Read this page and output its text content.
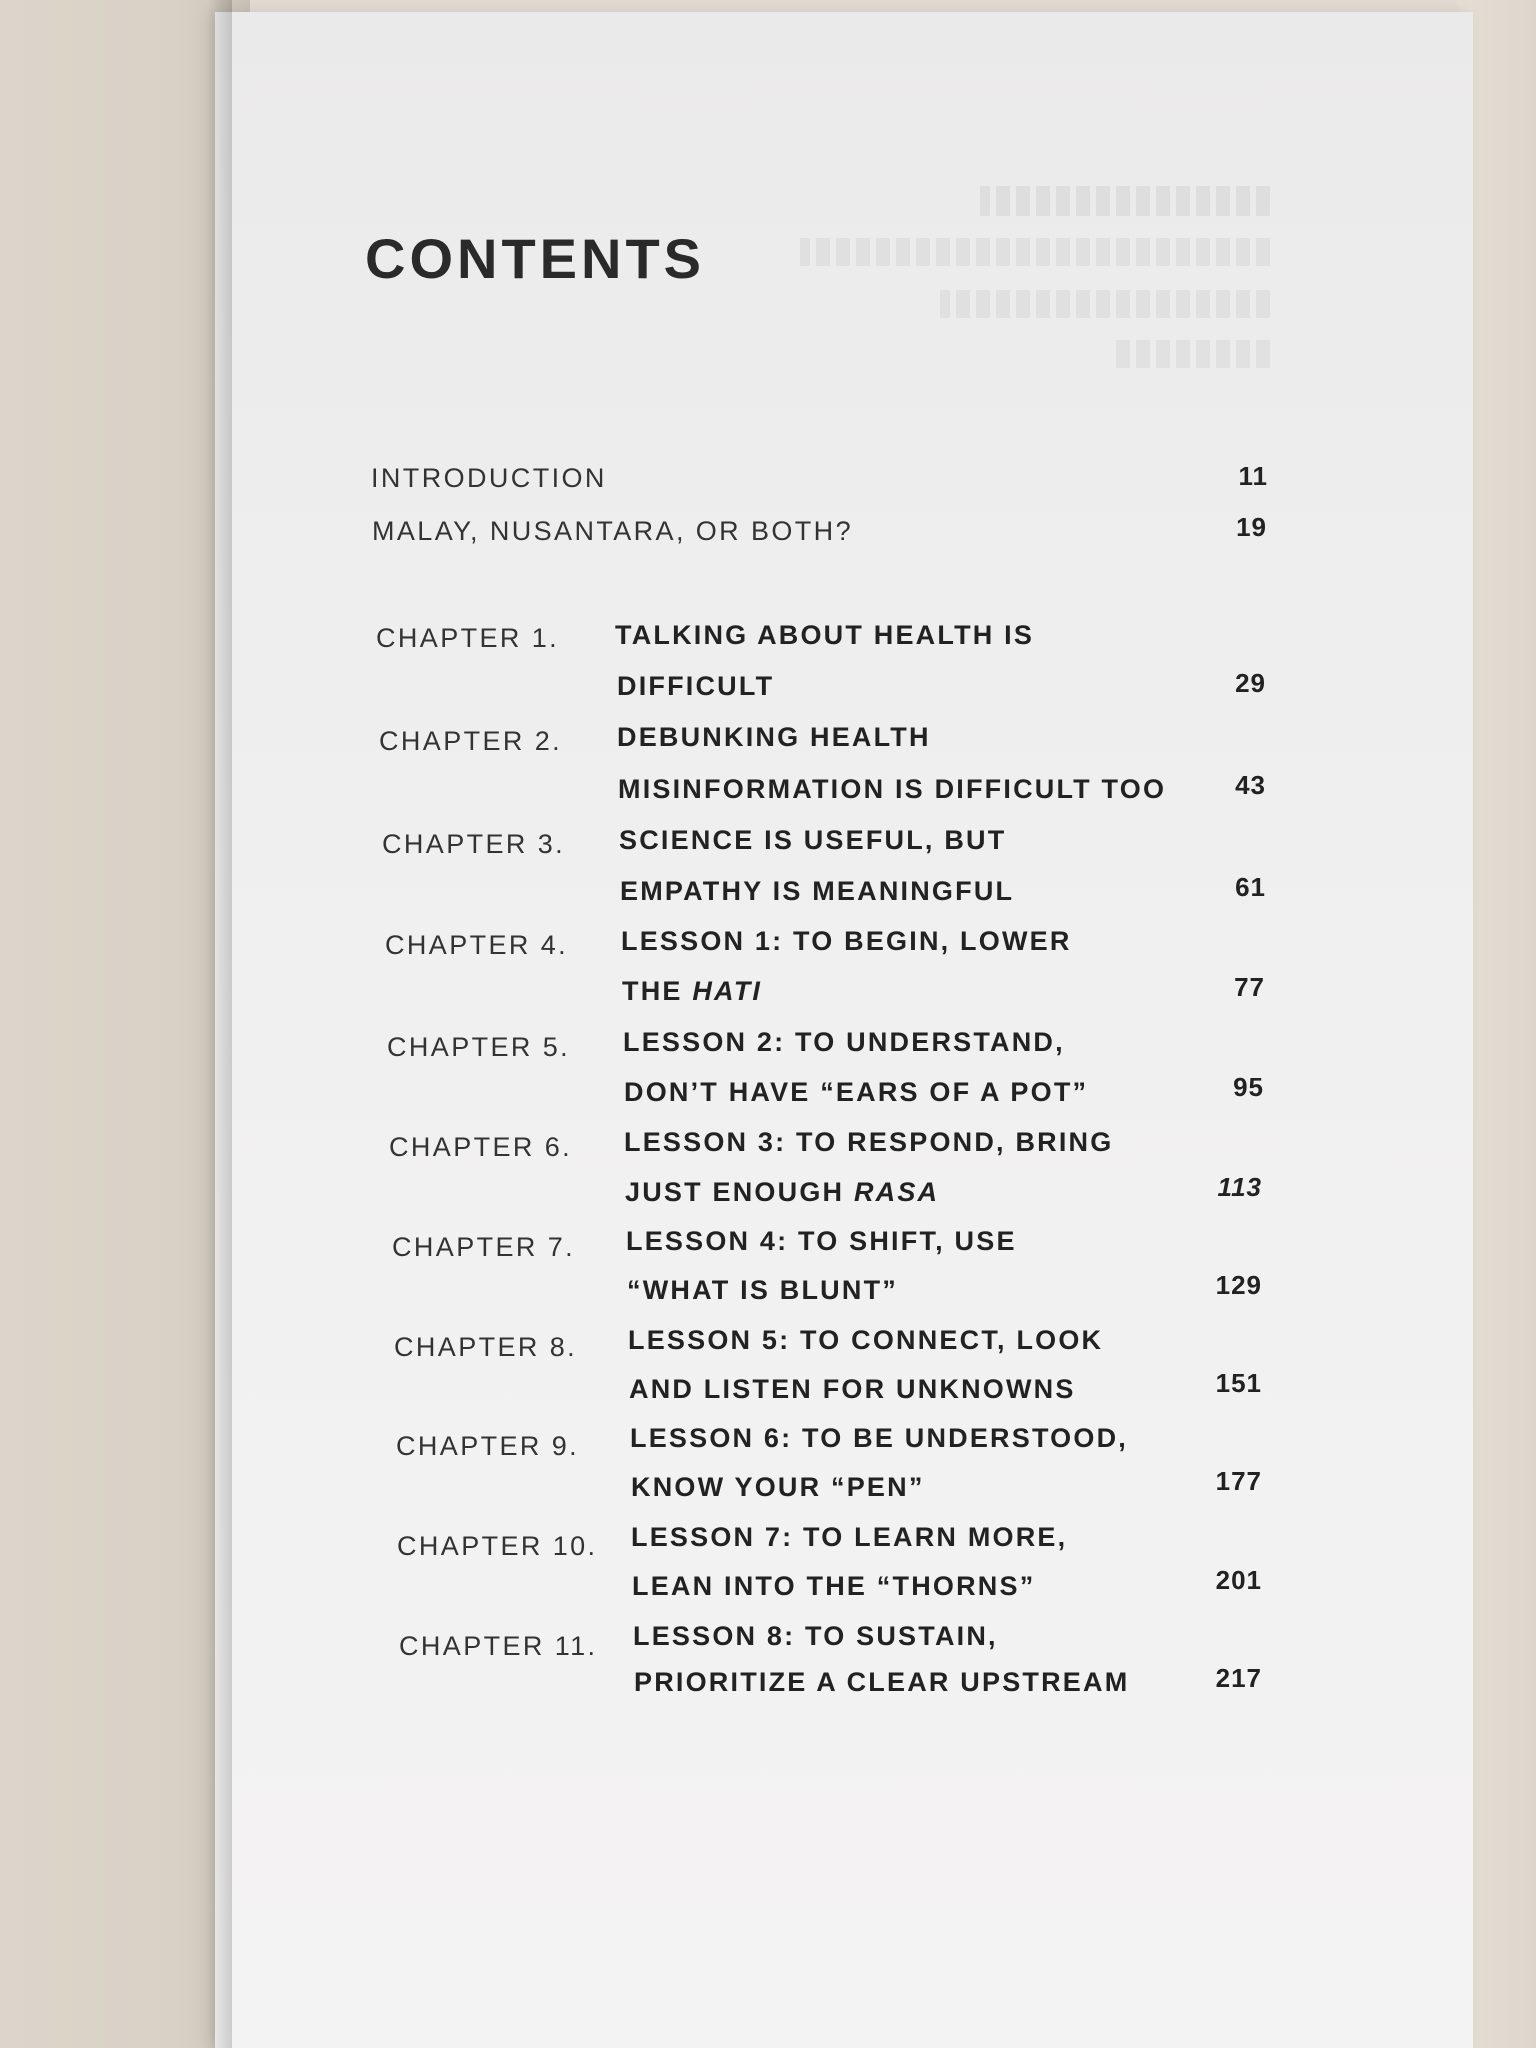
CONTENTS
INTRODUCTION	11
MALAY, NUSANTARA, OR BOTH?	19
CHAPTER 1. TALKING ABOUT HEALTH IS
DIFFICULT	29
CHAPTER 2. DEBUNKING HEALTH
MISINFORMATION IS DIFFICULT TOO	43
CHAPTER 3. SCIENCE IS USEFUL, BUT
EMPATHY IS MEANINGFUL	61
CHAPTER 4. LESSON 1: TO BEGIN, LOWER
THE HATI	77
CHAPTER 5. LESSON 2: TO UNDERSTAND,
DON’T HAVE “EARS OF A POT”	95
CHAPTER 6. LESSON 3: TO RESPOND, BRING
JUST ENOUGH RASA	113
CHAPTER 7. LESSON 4: TO SHIFT, USE
“WHAT IS BLUNT”	129
CHAPTER 8. LESSON 5: TO CONNECT, LOOK
AND LISTEN FOR UNKNOWNS	151
CHAPTER 9. LESSON 6: TO BE UNDERSTOOD,
KNOW YOUR “PEN”	177
CHAPTER 10. LESSON 7: TO LEARN MORE,
LEAN INTO THE “THORNS”	201
CHAPTER 11. LESSON 8: TO SUSTAIN,
PRIORITIZE A CLEAR UPSTREAM	217
